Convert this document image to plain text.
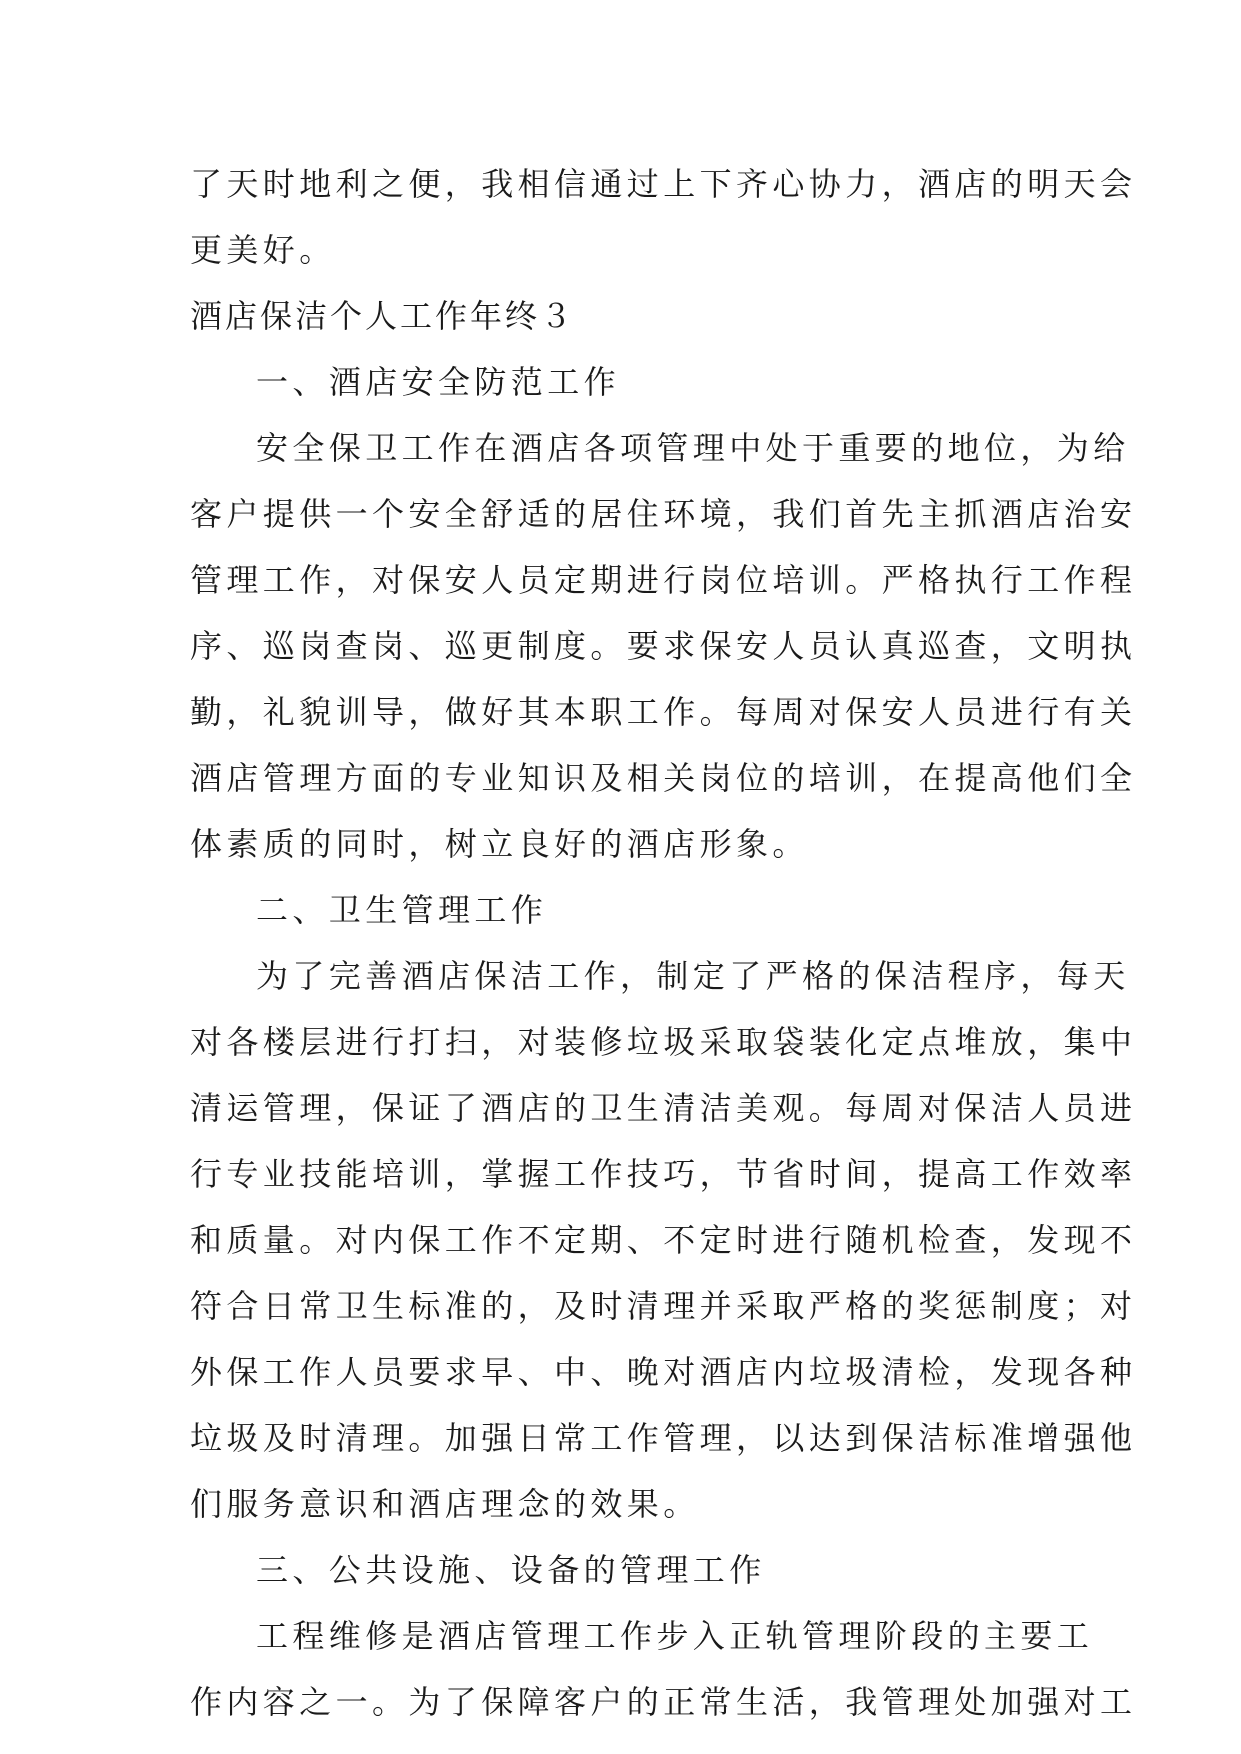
了天时地利之便，我相信通过上下齐心协力，酒店的明天会
更美好。
酒店保洁个人工作年终３
一、酒店安全防范工作
安全保卫工作在酒店各项管理中处于重要的地位，为给
客户提供一个安全舒适的居住环境，我们首先主抓酒店治安
管理工作，对保安人员定期进行岗位培训。严格执行工作程
序、巡岗查岗、巡更制度。要求保安人员认真巡查，文明执
勤，礼貌训导，做好其本职工作。每周对保安人员进行有关
酒店管理方面的专业知识及相关岗位的培训，在提高他们全
体素质的同时，树立良好的酒店形象。
二、卫生管理工作
为了完善酒店保洁工作，制定了严格的保洁程序，每天
对各楼层进行打扫，对装修垃圾采取袋装化定点堆放，集中
清运管理，保证了酒店的卫生清洁美观。每周对保洁人员进
行专业技能培训，掌握工作技巧，节省时间，提高工作效率
和质量。对内保工作不定期、不定时进行随机检查，发现不
符合日常卫生标准的，及时清理并采取严格的奖惩制度；对
外保工作人员要求早、中、晚对酒店内垃圾清检，发现各种
垃圾及时清理。加强日常工作管理，以达到保洁标准增强他
们服务意识和酒店理念的效果。
三、公共设施、设备的管理工作
工程维修是酒店管理工作步入正轨管理阶段的主要工
作内容之一。为了保障客户的正常生活，我管理处加强对工
